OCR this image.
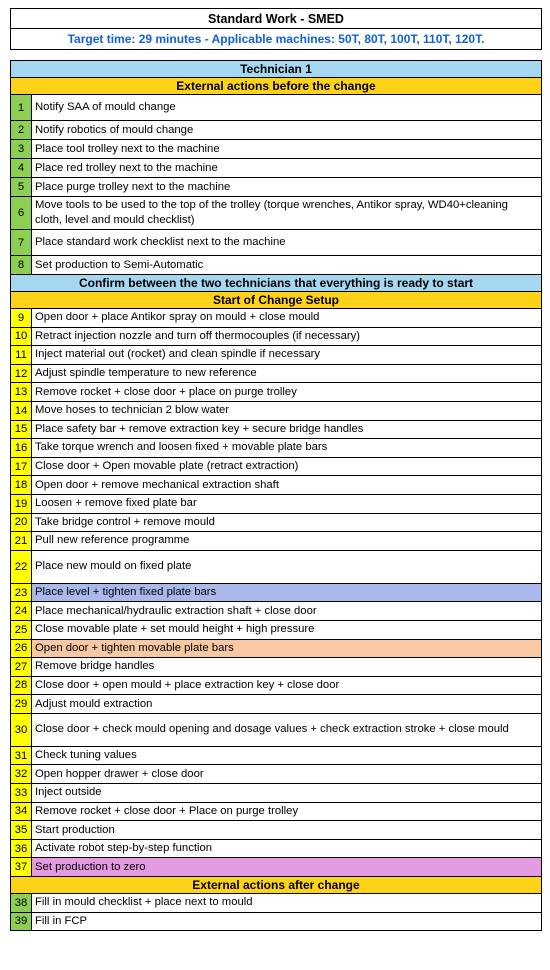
Standard Work - SMED
Target time: 29 minutes - Applicable machines: 50T, 80T, 100T, 110T, 120T.
Technician 1	
External actions before the change	
1	Notify SAA of mould change
2	Notify robotics of mould change
3	Place tool trolley next to the machine
4	Place red trolley next to the machine
5	Place purge trolley next to the machine
6	Move tools to be used to the top of the trolley (torque wrenches, Antikor spray, WD40+cleaning cloth, level and mould checklist)
7	Place standard work checklist next to the machine
8	Set production to Semi-Automatic
Confirm between the two technicians that everything is ready to start	
Start of Change Setup	
9	Open door + place Antikor spray on mould + close mould
10	Retract injection nozzle and turn off thermocouples (if necessary)
11	Inject material out (rocket) and clean spindle if necessary
12	Adjust spindle temperature to new reference
13	Remove rocket + close door + place on purge trolley
14	Move hoses to technician 2 blow water
15	Place safety bar + remove extraction key + secure bridge handles
16	Take torque wrench and loosen fixed + movable plate bars
17	Close door + Open movable plate (retract extraction)
18	Open door + remove mechanical extraction shaft
19	Loosen + remove fixed plate bar
20	Take bridge control + remove mould
21	Pull new reference programme
22	Place new mould on fixed plate
23	Place level + tighten fixed plate bars
24	Place mechanical/hydraulic extraction shaft + close door
25	Close movable plate + set mould height + high pressure
26	Open door + tighten movable plate bars
27	Remove bridge handles
28	Close door + open mould + place extraction key + close door
29	Adjust mould extraction
30	Close door + check mould opening and dosage values + check extraction stroke + close mould
31	Check tuning values
32	Open hopper drawer + close door
33	Inject outside
34	Remove rocket + close door + Place on purge trolley
35	Start production
36	Activate robot step-by-step function
37	Set production to zero
External actions after change	
38	Fill in mould checklist + place next to mould
39	Fill in FCP
